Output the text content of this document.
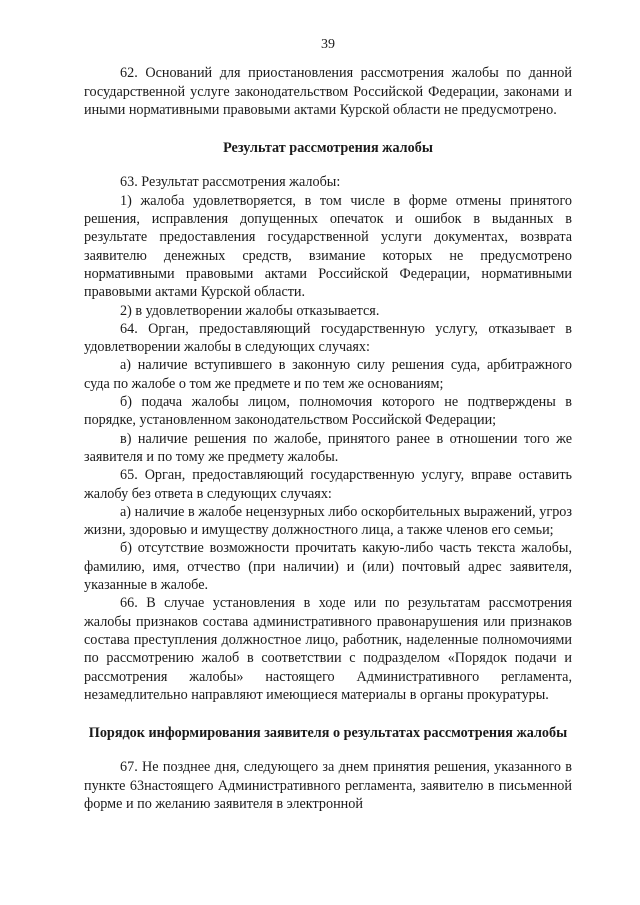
39

62. Оснований для приостановления рассмотрения жалобы по данной государственной услуге законодательством Российской Федерации, законами и иными нормативными правовыми актами Курской области не предусмотрено.

Результат рассмотрения жалобы

63. Результат рассмотрения жалобы:

1) жалоба удовлетворяется, в том числе в форме отмены принятого решения, исправления допущенных опечаток и ошибок в выданных в результате предоставления государственной услуги документах, возврата заявителю денежных средств, взимание которых не предусмотрено нормативными правовыми актами Российской Федерации, нормативными правовыми актами Курской области.

2) в удовлетворении жалобы отказывается.

64. Орган, предоставляющий государственную услугу, отказывает в удовлетворении жалобы в следующих случаях:

а) наличие вступившего в законную силу решения суда, арбитражного суда по жалобе о том же предмете и по тем же основаниям;

б) подача жалобы лицом, полномочия которого не подтверждены в порядке, установленном законодательством Российской Федерации;

в) наличие решения по жалобе, принятого ранее в отношении того же заявителя и по тому же предмету жалобы.

65. Орган, предоставляющий государственную услугу, вправе оставить жалобу без ответа в следующих случаях:

а) наличие в жалобе нецензурных либо оскорбительных выражений, угроз жизни, здоровью и имуществу должностного лица, а также членов его семьи;

б) отсутствие возможности прочитать какую-либо часть текста жалобы, фамилию, имя, отчество (при наличии) и (или) почтовый адрес заявителя, указанные в жалобе.

66. В случае установления в ходе или по результатам рассмотрения жалобы признаков состава административного правонарушения или признаков состава преступления должностное лицо, работник, наделенные полномочиями по рассмотрению жалоб в соответствии с подразделом «Порядок подачи и рассмотрения жалобы» настоящего Административного регламента, незамедлительно направляют имеющиеся материалы в органы прокуратуры.

Порядок информирования заявителя о результатах рассмотрения жалобы

67. Не позднее дня, следующего за днем принятия решения, указанного в пункте 63настоящего Административного регламента, заявителю в письменной форме и по желанию заявителя в электронной
